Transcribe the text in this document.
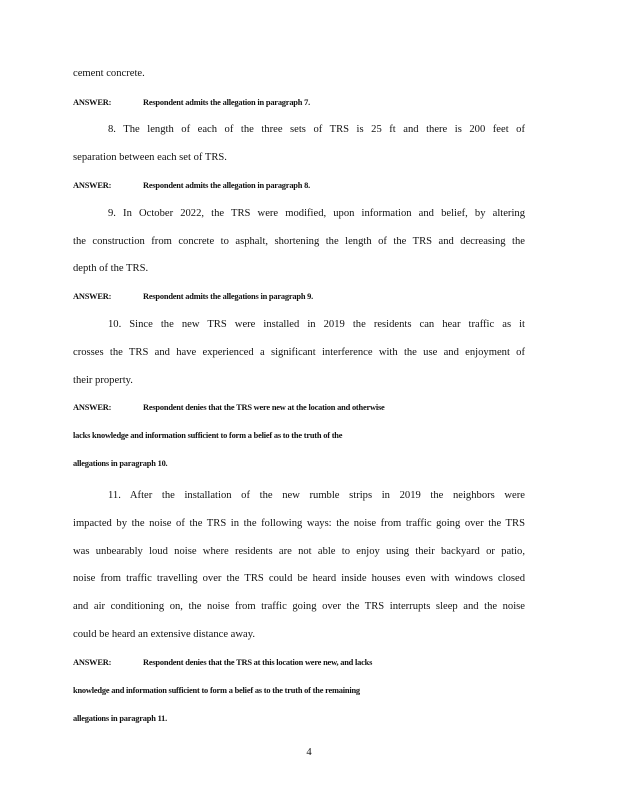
cement concrete.
ANSWER:	Respondent admits the allegation in paragraph 7.
8. The length of each of the three sets of TRS is 25 ft and there is 200 feet of
separation between each set of TRS.
ANSWER:	Respondent admits the allegation in paragraph 8.
9. In October 2022, the TRS were modified, upon information and belief, by altering
the construction from concrete to asphalt, shortening the length of the TRS and decreasing the
depth of the TRS.
ANSWER:	Respondent admits the allegations in paragraph 9.
10. Since the new TRS were installed in 2019 the residents can hear traffic as it
crosses the TRS and have experienced a significant interference with the use and enjoyment of
their property.
ANSWER:	Respondent denies that the TRS were new at the location and otherwise
lacks knowledge and information sufficient to form a belief as to the truth of the
allegations in paragraph 10.
11. After the installation of the new rumble strips in 2019 the neighbors were
impacted by the noise of the TRS in the following ways: the noise from traffic going over the TRS
was unbearably loud noise where residents are not able to enjoy using their backyard or patio,
noise from traffic travelling over the TRS could be heard inside houses even with windows closed
and air conditioning on, the noise from traffic going over the TRS interrupts sleep and the noise
could be heard an extensive distance away.
ANSWER:	Respondent denies that the TRS at this location were new, and lacks
knowledge and information sufficient to form a belief as to the truth of the remaining
allegations in paragraph 11.
4
